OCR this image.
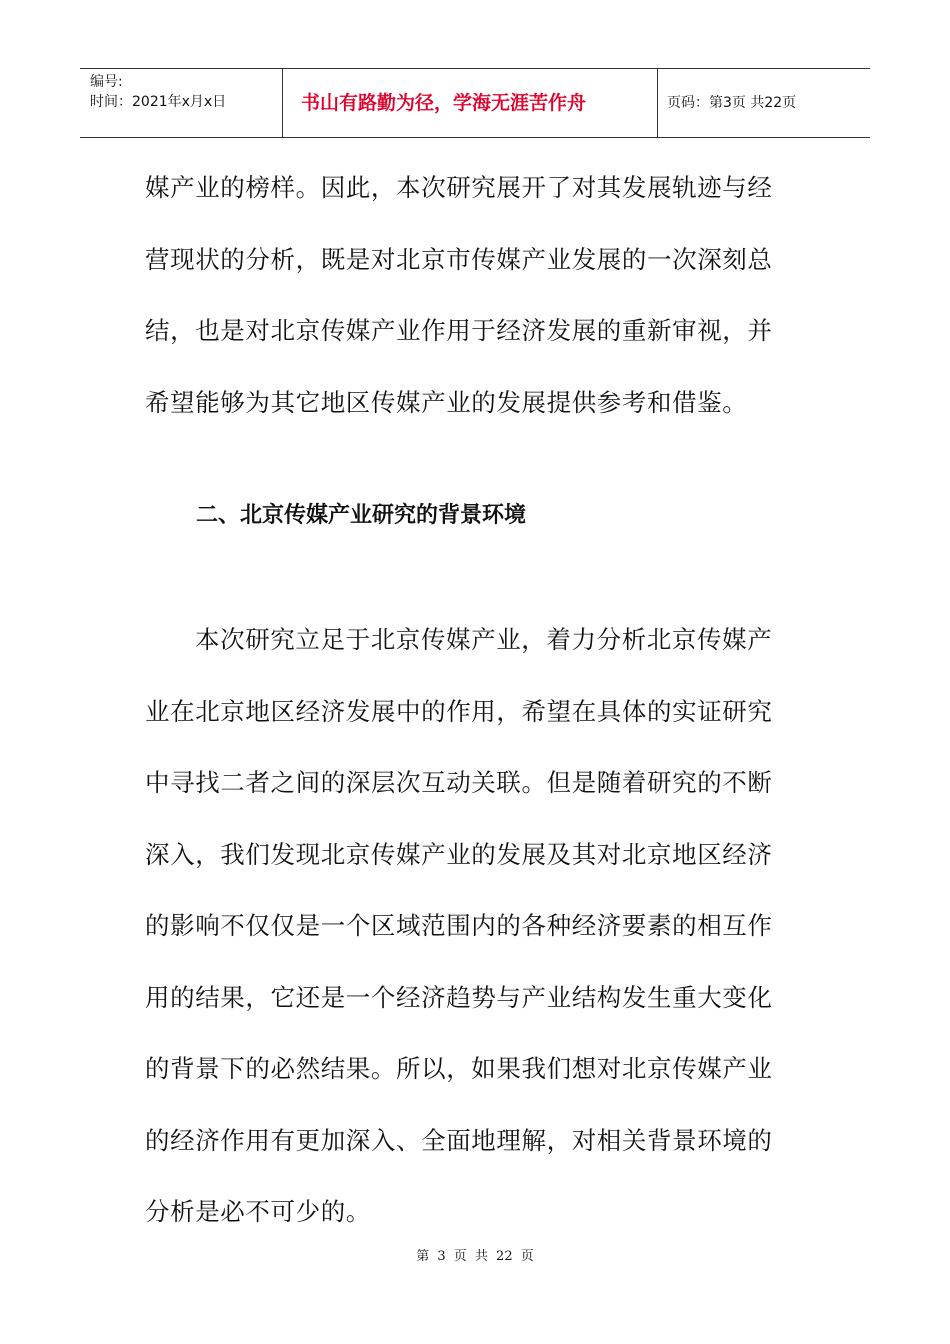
编号:
时间：2021年x月x日	书山有路勤为径，学海无涯苦作舟	页码：第3页 共22页
媒产业的榜样。因此，本次研究展开了对其发展轨迹与经
营现状的分析，既是对北京市传媒产业发展的一次深刻总
结，也是对北京传媒产业作用于经济发展的重新审视，并
希望能够为其它地区传媒产业的发展提供参考和借鉴。
二、北京传媒产业研究的背景环境
本次研究立足于北京传媒产业，着力分析北京传媒产
业在北京地区经济发展中的作用，希望在具体的实证研究
中寻找二者之间的深层次互动关联。但是随着研究的不断
深入，我们发现北京传媒产业的发展及其对北京地区经济
的影响不仅仅是一个区域范围内的各种经济要素的相互作
用的结果，它还是一个经济趋势与产业结构发生重大变化
的背景下的必然结果。所以，如果我们想对北京传媒产业
的经济作用有更加深入、全面地理解，对相关背景环境的
分析是必不可少的。
第 3 页 共 22 页
